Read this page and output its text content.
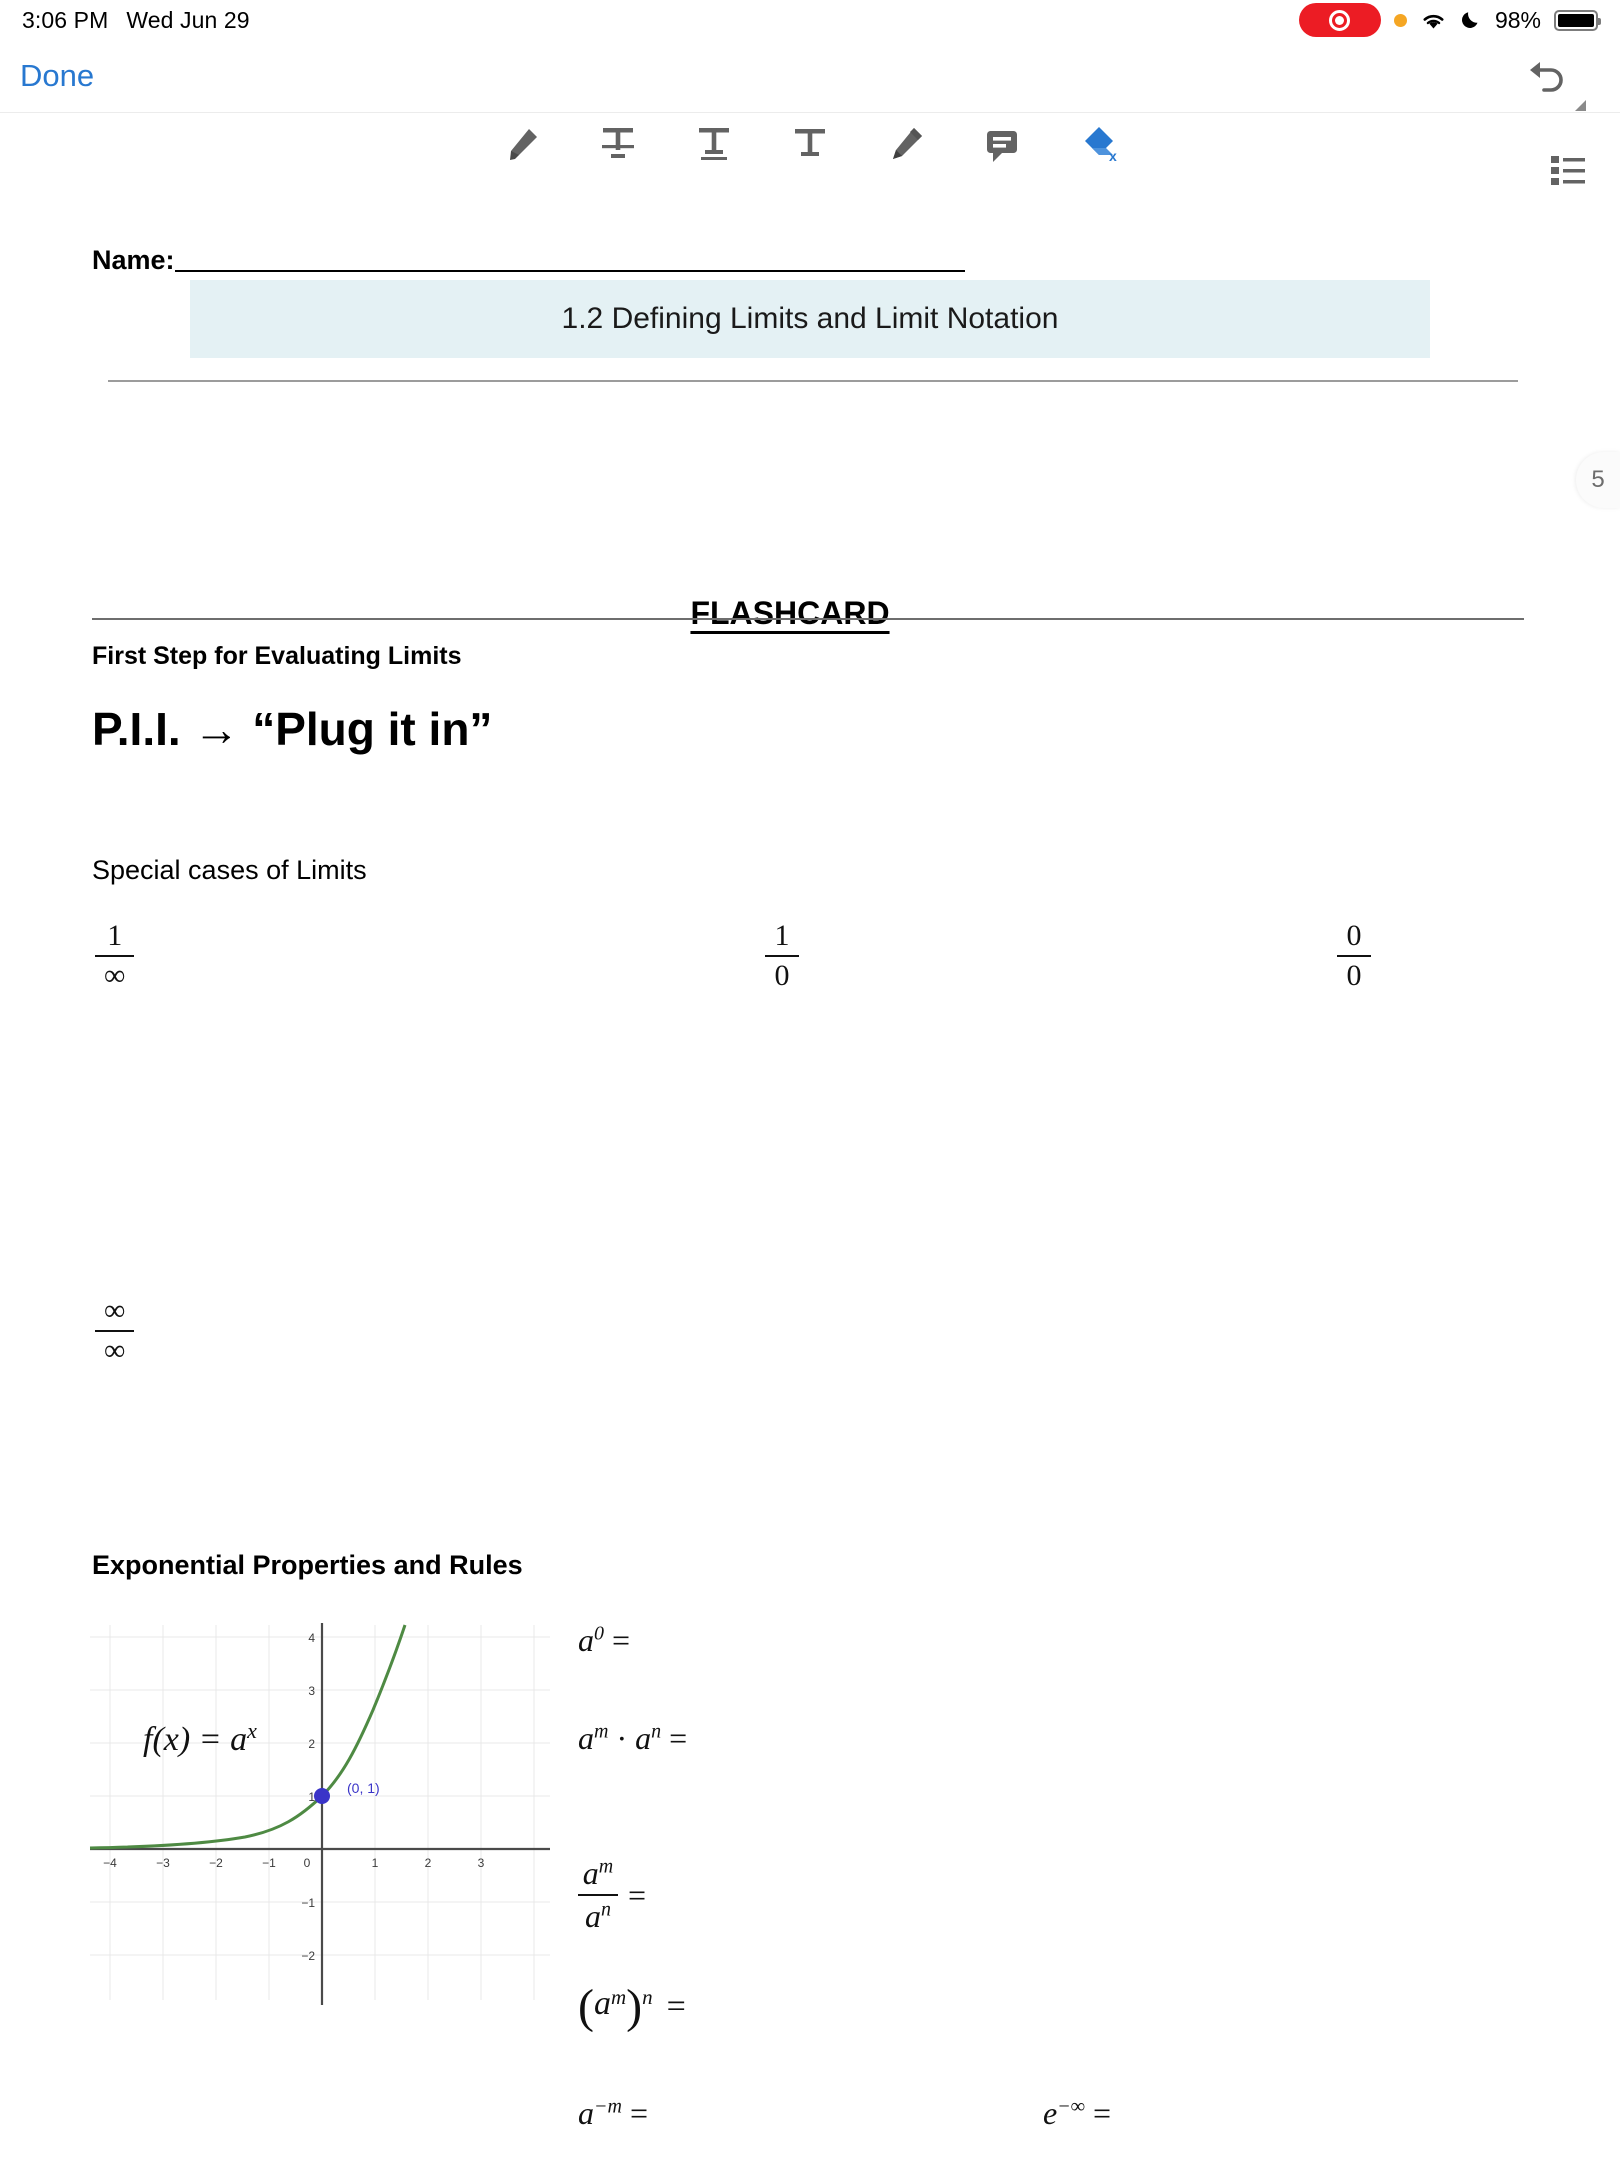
3:06 PM Wed Jun 29	98%
Done
x
5
Name:
1.2 Defining Limits and Limit Notation
FLASHCARD
First Step for Evaluating Limits
P.I.I. → “Plug it in”
Special cases of Limits
1
∞
1
0
0
0
∞
∞
Exponential Properties and Rules
−4	−3	−2	−1 0	1	2	3
4
3
2
1
−1
−2
(0, 1)
$f(x) = a^x$
$a^0$ =
$a^m \cdot a^n$ =
$a^m$
$a^n$ =
( a m )$^n$ =
$a^{-m}$ =	e−∞ =
